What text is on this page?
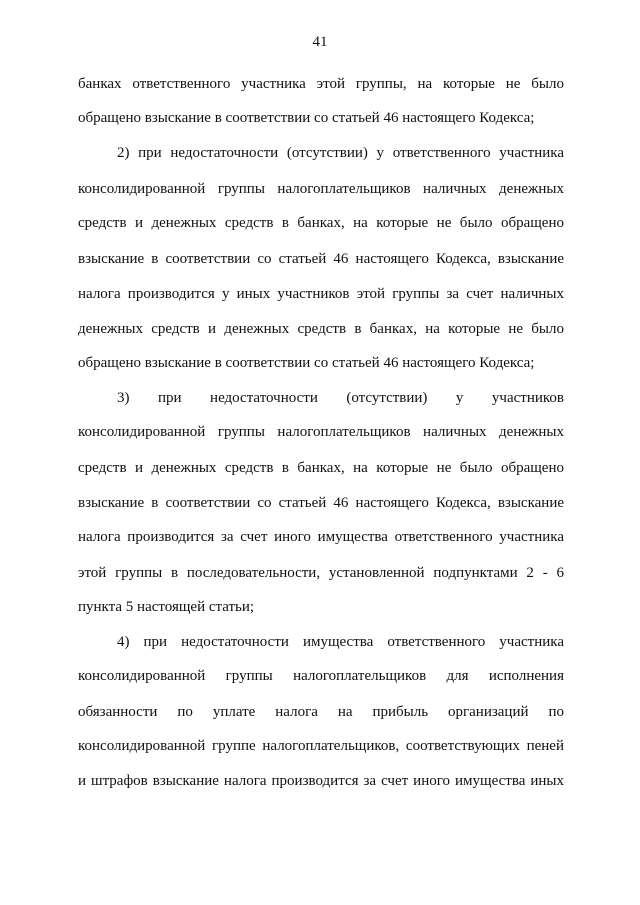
41
банках ответственного участника этой группы, на которые не было
обращено взыскание в соответствии со статьей 46 настоящего Кодекса;
2) при недостаточности (отсутствии) у ответственного участника
консолидированной группы налогоплательщиков наличных денежных
средств и денежных средств в банках, на которые не было обращено
взыскание в соответствии со статьей 46 настоящего Кодекса, взыскание
налога производится у иных участников этой группы за счет наличных
денежных средств и денежных средств в банках, на которые не было
обращено взыскание в соответствии со статьей 46 настоящего Кодекса;
3) при недостаточности (отсутствии) у участников
консолидированной группы налогоплательщиков наличных денежных
средств и денежных средств в банках, на которые не было обращено
взыскание в соответствии со статьей 46 настоящего Кодекса, взыскание
налога производится за счет иного имущества ответственного участника
этой группы в последовательности, установленной подпунктами 2 - 6
пункта 5 настоящей статьи;
4) при недостаточности имущества ответственного участника
консолидированной группы налогоплательщиков для исполнения
обязанности по уплате налога на прибыль организаций по
консолидированной группе налогоплательщиков, соответствующих пеней
и штрафов взыскание налога производится за счет иного имущества иных
